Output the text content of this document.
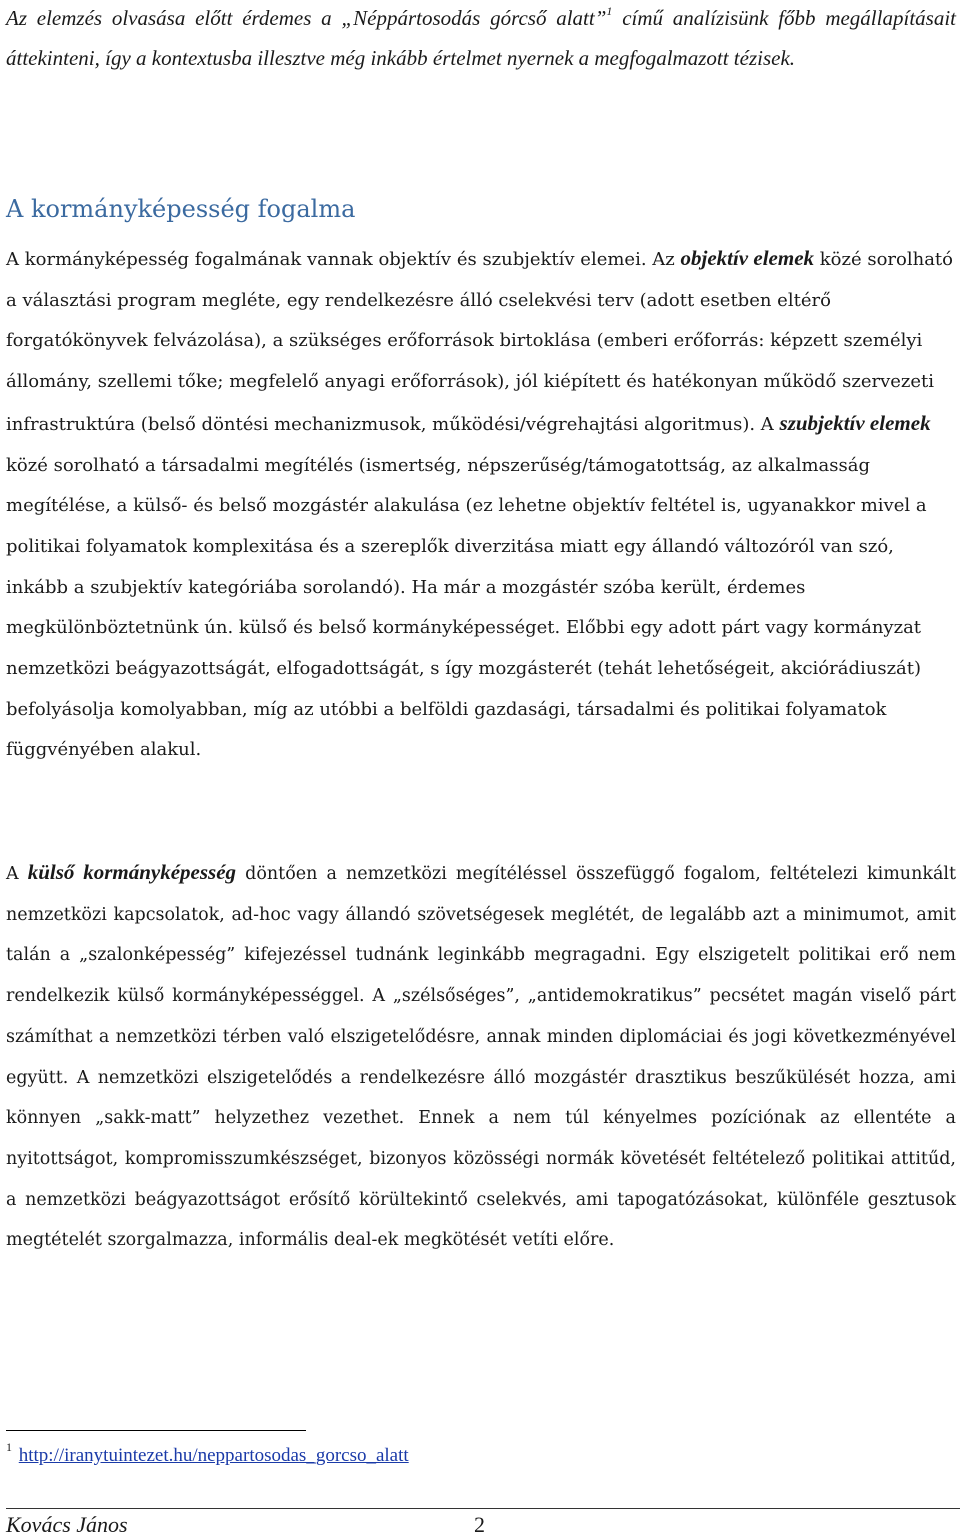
Az elemzés olvasása előtt érdemes a „Néppártosodás górcső alatt”$^1$ című analízisünk főbb megállapításait áttekinteni, így a kontextusba illesztve még inkább értelmet nyernek a megfogalmazott tézisek.

A kormányképesség fogalma

A kormányképesség fogalmának vannak objektív és szubjektív elemei. Az objektív elemek közé sorolható a választási program megléte, egy rendelkezésre álló cselekvési terv (adott esetben eltérő forgatókönyvek felvázolása), a szükséges erőforrások birtoklása (emberi erőforrás: képzett személyi állomány, szellemi tőke; megfelelő anyagi erőforrások), jól kiépített és hatékonyan működő szervezeti infrastruktúra (belső döntési mechanizmusok, működési/végrehajtási algoritmus). A szubjektív elemek közé sorolható a társadalmi megítélés (ismertség, népszerűség/támogatottság, az alkalmasság megítélése, a külső- és belső mozgástér alakulása (ez lehetne objektív feltétel is, ugyanakkor mivel a politikai folyamatok komplexitása és a szereplők diverzitása miatt egy állandó változóról van szó, inkább a szubjektív kategóriába sorolandó). Ha már a mozgástér szóba került, érdemes megkülönböztetnünk ún. külső és belső kormányképességet. Előbbi egy adott párt vagy kormányzat nemzetközi beágyazottságát, elfogadottságát, s így mozgásterét (tehát lehetőségeit, akciórádiuszát) befolyásolja komolyabban, míg az utóbbi a belföldi gazdasági, társadalmi és politikai folyamatok függvényében alakul.

A külső kormányképesség döntően a nemzetközi megítéléssel összefüggő fogalom, feltételezi kimunkált nemzetközi kapcsolatok, ad-hoc vagy állandó szövetségesek meglétét, de legalább azt a minimumot, amit talán a „szalonképesség” kifejezéssel tudnánk leginkább megragadni. Egy elszigetelt politikai erő nem rendelkezik külső kormányképességgel. A „szélsőséges”, „antidemokratikus” pecsétet magán viselő párt számíthat a nemzetközi térben való elszigetelődésre, annak minden diplomáciai és jogi következményével együtt. A nemzetközi elszigetelődés a rendelkezésre álló mozgástér drasztikus beszűkülését hozza, ami könnyen „sakk-matt” helyzethez vezethet. Ennek a nem túl kényelmes pozíciónak az ellentéte a nyitottságot, kompromisszumkészséget, bizonyos közösségi normák követését feltételező politikai attitűd, a nemzetközi beágyazottságot erősítő körültekintő cselekvés, ami tapogatózásokat, különféle gesztusok megtételét szorgalmazza, informális deal-ek megkötését vetíti előre.

$^1$ http://iranytuintezet.hu/neppartosodas_gorcso_alatt
Kovács János	2
